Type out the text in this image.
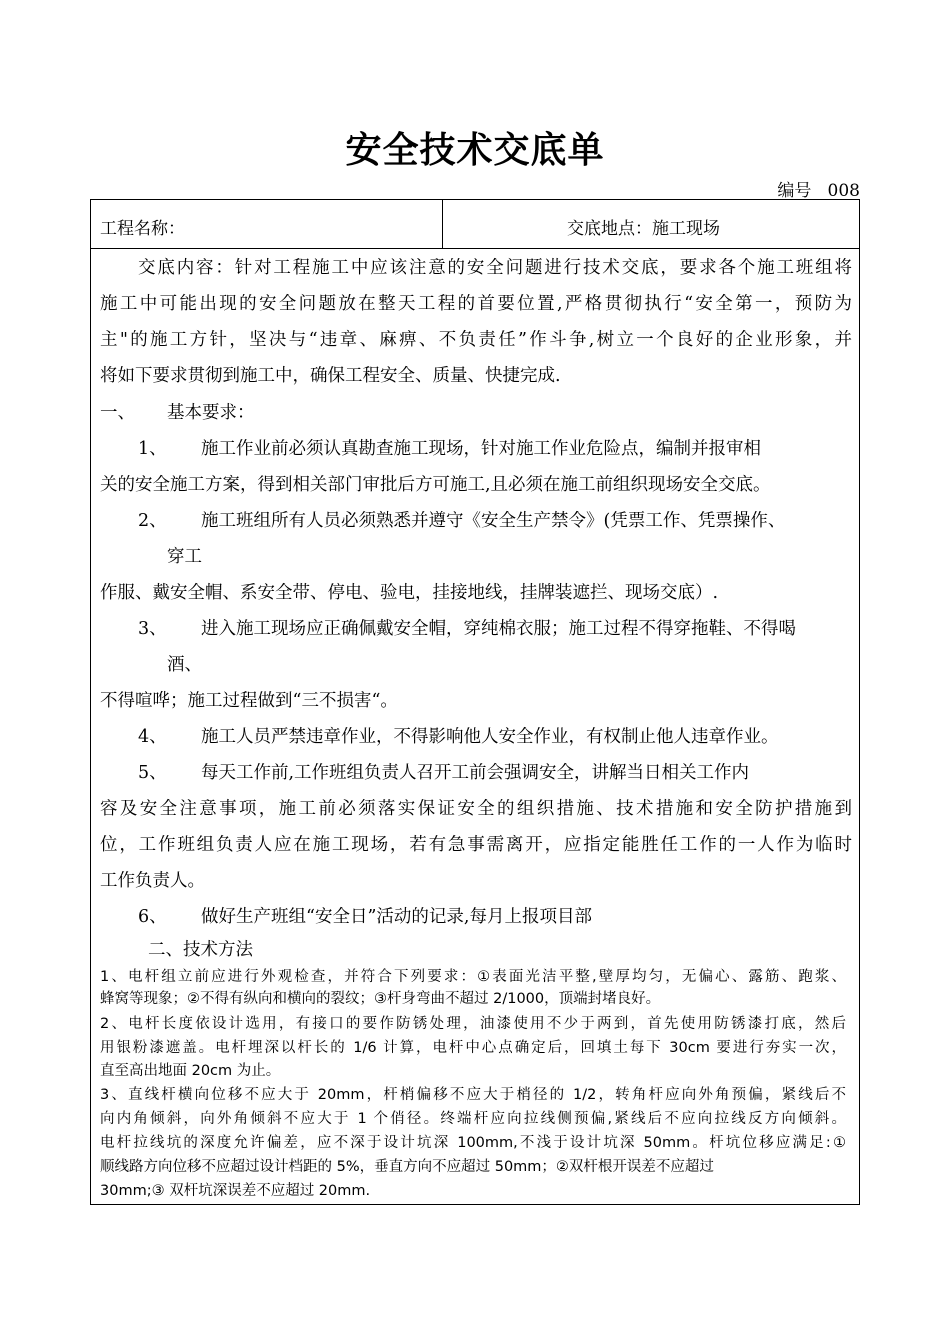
安全技术交底单
编号   008
工程名称：	交底地点：施工现场
交底内容：针对工程施工中应该注意的安全问题进行技术交底，要求各个施工班组将
施工中可能出现的安全问题放在整天工程的首要位置,严格贯彻执行“安全第一，预防为
主"的施工方针，坚决与“违章、麻痹、不负责任”作斗争,树立一个良好的企业形象，并
将如下要求贯彻到施工中，确保工程安全、质量、快捷完成.
一、 基本要求：
1、 施工作业前必须认真勘查施工现场，针对施工作业危险点，编制并报审相
关的安全施工方案，得到相关部门审批后方可施工,且必须在施工前组织现场安全交底。
2、 施工班组所有人员必须熟悉并遵守《安全生产禁令》(凭票工作、凭票操作、
穿工
作服、戴安全帽、系安全带、停电、验电，挂接地线，挂牌装遮拦、现场交底）.
3、 进入施工现场应正确佩戴安全帽，穿纯棉衣服；施工过程不得穿拖鞋、不得喝
酒、
不得喧哗；施工过程做到“三不损害“。
4、 施工人员严禁违章作业，不得影响他人安全作业，有权制止他人违章作业。
5、 每天工作前,工作班组负责人召开工前会强调安全，讲解当日相关工作内
容及安全注意事项，施工前必须落实保证安全的组织措施、技术措施和安全防护措施到
位，工作班组负责人应在施工现场，若有急事需离开，应指定能胜任工作的一人作为临时
工作负责人。
6、 做好生产班组“安全日”活动的记录,每月上报项目部
二、技术方法
1、电杆组立前应进行外观检查，并符合下列要求：①表面光洁平整,壁厚均匀，无偏心、露筋、跑浆、
蜂窝等现象；②不得有纵向和横向的裂纹；③杆身弯曲不超过 2/1000，顶端封堵良好。
2、电杆长度依设计选用，有接口的要作防锈处理，油漆使用不少于两到，首先使用防锈漆打底，然后
用银粉漆遮盖。电杆埋深以杆长的 1/6 计算，电杆中心点确定后，回填土每下 30cm 要进行夯实一次，
直至高出地面 20cm 为止。
3、直线杆横向位移不应大于 20mm，杆梢偏移不应大于梢径的 1/2，转角杆应向外角预偏，紧线后不
向内角倾斜，向外角倾斜不应大于 1 个俏径。终端杆应向拉线侧预偏,紧线后不应向拉线反方向倾斜。
电杆拉线坑的深度允许偏差，应不深于设计坑深 100mm,不浅于设计坑深 50mm。杆坑位移应满足:①
顺线路方向位移不应超过设计档距的 5%，垂直方向不应超过 50mm；②双杆根开误差不应超过
30mm;③ 双杆坑深误差不应超过 20mm.
